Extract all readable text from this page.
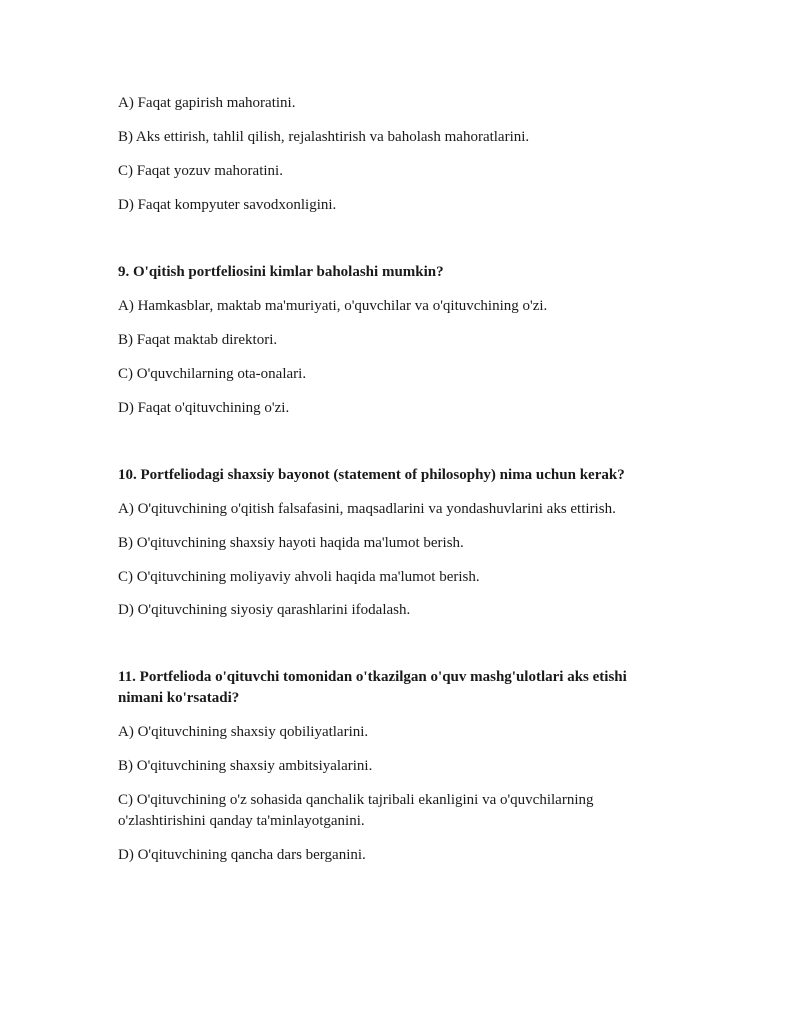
A) Faqat gapirish mahoratini.
B) Aks ettirish, tahlil qilish, rejalashtirish va baholash mahoratlarini.
C) Faqat yozuv mahoratini.
D) Faqat kompyuter savodxonligini.
9. O'qitish portfeliosini kimlar baholashi mumkin?
A) Hamkasblar, maktab ma'muriyati, o'quvchilar va o'qituvchining o'zi.
B) Faqat maktab direktori.
C) O'quvchilarning ota-onalari.
D) Faqat o'qituvchining o'zi.
10. Portfeliodagi shaxsiy bayonot (statement of philosophy) nima uchun kerak?
A) O'qituvchining o'qitish falsafasini, maqsadlarini va yondashuvlarini aks ettirish.
B) O'qituvchining shaxsiy hayoti haqida ma'lumot berish.
C) O'qituvchining moliyaviy ahvoli haqida ma'lumot berish.
D) O'qituvchining siyosiy qarashlarini ifodalash.
11. Portfelioda o'qituvchi tomonidan o'tkazilgan o'quv mashg'ulotlari aks etishi
nimani ko'rsatadi?
A) O'qituvchining shaxsiy qobiliyatlarini.
B) O'qituvchining shaxsiy ambitsiyalarini.
C) O'qituvchining o'z sohasida qanchalik tajribali ekanligini va o'quvchilarning
o'zlashtirishini qanday ta'minlayotganini.
D) O'qituvchining qancha dars berganini.
